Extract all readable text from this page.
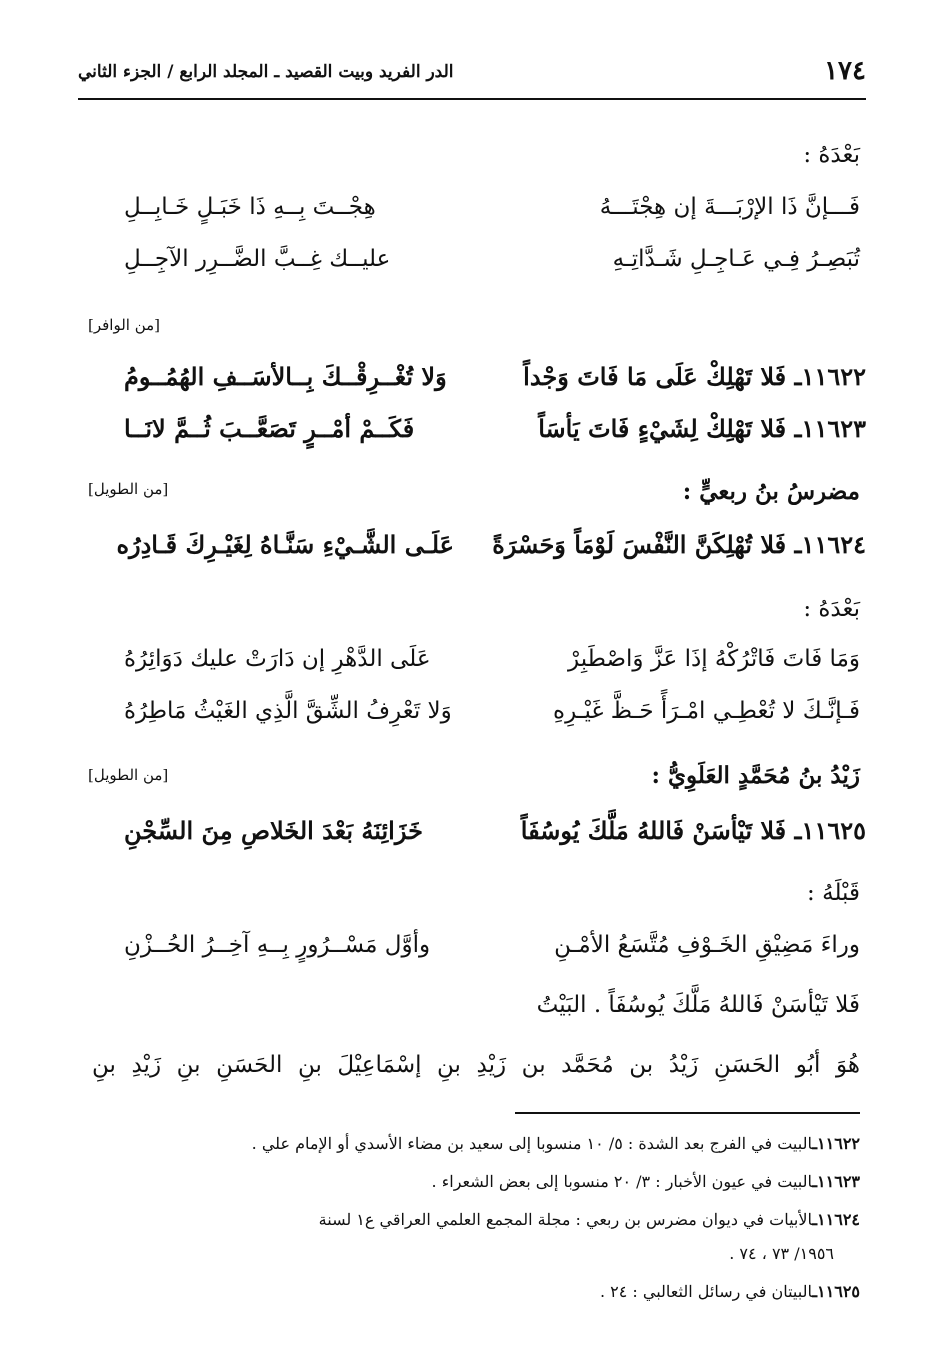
١٧٤
الدر الفريد وبيت القصيد ـ المجلد الرابع / الجزء الثاني
بَعْدَهُ :
فَـــإنَّ ذَا الإرْبَـــةَ إن هِجْتَـــهُ
هِجْــتَ بِــهِ ذَا خَبَـلٍ خَـابِــلِ
تُبَصِـرُ فِـي عَـاجِـلِ شَـدَّاتِـهِ
عليــك غِــبَّ الضَّــرِر الآجِــلِ
[من الوافر]
١١٦٢٢ـ فَلا تَهْلِكْ عَلَى مَا فَاتَ وَجْداً
وَلا تُغْــرِقْــكَ بِــالأسَــفِ الهُمُــومُ
١١٦٢٣ـ فَلا تَهْلِكْ لِشَيْءٍ فَاتَ يَأسَاً
فَكَــمْ أمْــرٍ تَصَعَّــبَ ثُــمَّ لانَــا
مضرسُ بنُ ربعيٍّ :
[من الطويل]
١١٦٢٤ـ فَلا تُهْلِكَنَّ النَّفْسَ لَوْمَاً وَحَسْرَةً
عَلَـى الشَّـيْءِ سَنَّـاهُ لِغَيْـرِكَ قَـادِرُه
بَعْدَهُ :
وَمَا فَاتَ فَاتْرُكْهُ إذَا عَزَّ وَاصْطَبِرْ
عَلَى الدَّهْرِ إن دَارَتْ عليك دَوَائِرُهُ
فَـإنَّـكَ لا تُعْطِـي امْـرَأً حَـظَّ غَيْـرِهِ
وَلا تَعْرِفُ الشِّقَّ الَّذِي الغَيْثُ مَاطِرُهُ
زَيْدُ بنُ مُحَمَّدٍ العَلَوِيُّ :
[من الطويل]
١١٦٢٥ـ فَلا تَيْأسَنْ فَاللهُ مَلَّكَ يُوسُفَاً
خَزَائِنَهُ بَعْدَ الخَلاصِ مِنَ السِّجْنِ
قَبْلَهُ :
وراءَ مَضِيْقِ الخَـوْفِ مُتَّسَعُ الأمْـنِ
وأوَّل مَسْــرُورٍ بِــهِ آخِــرُ الحُــزْنِ
فَلا تَيْأسَنْ فَاللهُ مَلَّكَ يُوسُفَاً . البَيْتُ
هُوَ أبُو الحَسَنِ زَيْدُ بن مُحَمَّد بن زَيْدِ بنِ إسْمَاعِيْلَ بنِ الحَسَنِ بنِ زَيْدِ بنِ
١١٦٢٢ـالبيت في الفرج بعد الشدة : ٥/ ١٠ منسوبا إلى سعيد بن مضاء الأسدي أو الإمام علي .
١١٦٢٣ـالبيت في عيون الأخبار : ٣/ ٢٠ منسوبا إلى بعض الشعراء .
١١٦٢٤ـالأبيات في ديوان مضرس بن ربعي : مجلة المجمع العلمي العراقي ع١ لسنة
١٩٥٦/ ٧٣ ، ٧٤ .
١١٦٢٥ـالبيتان في رسائل الثعالبي : ٢٤ .
